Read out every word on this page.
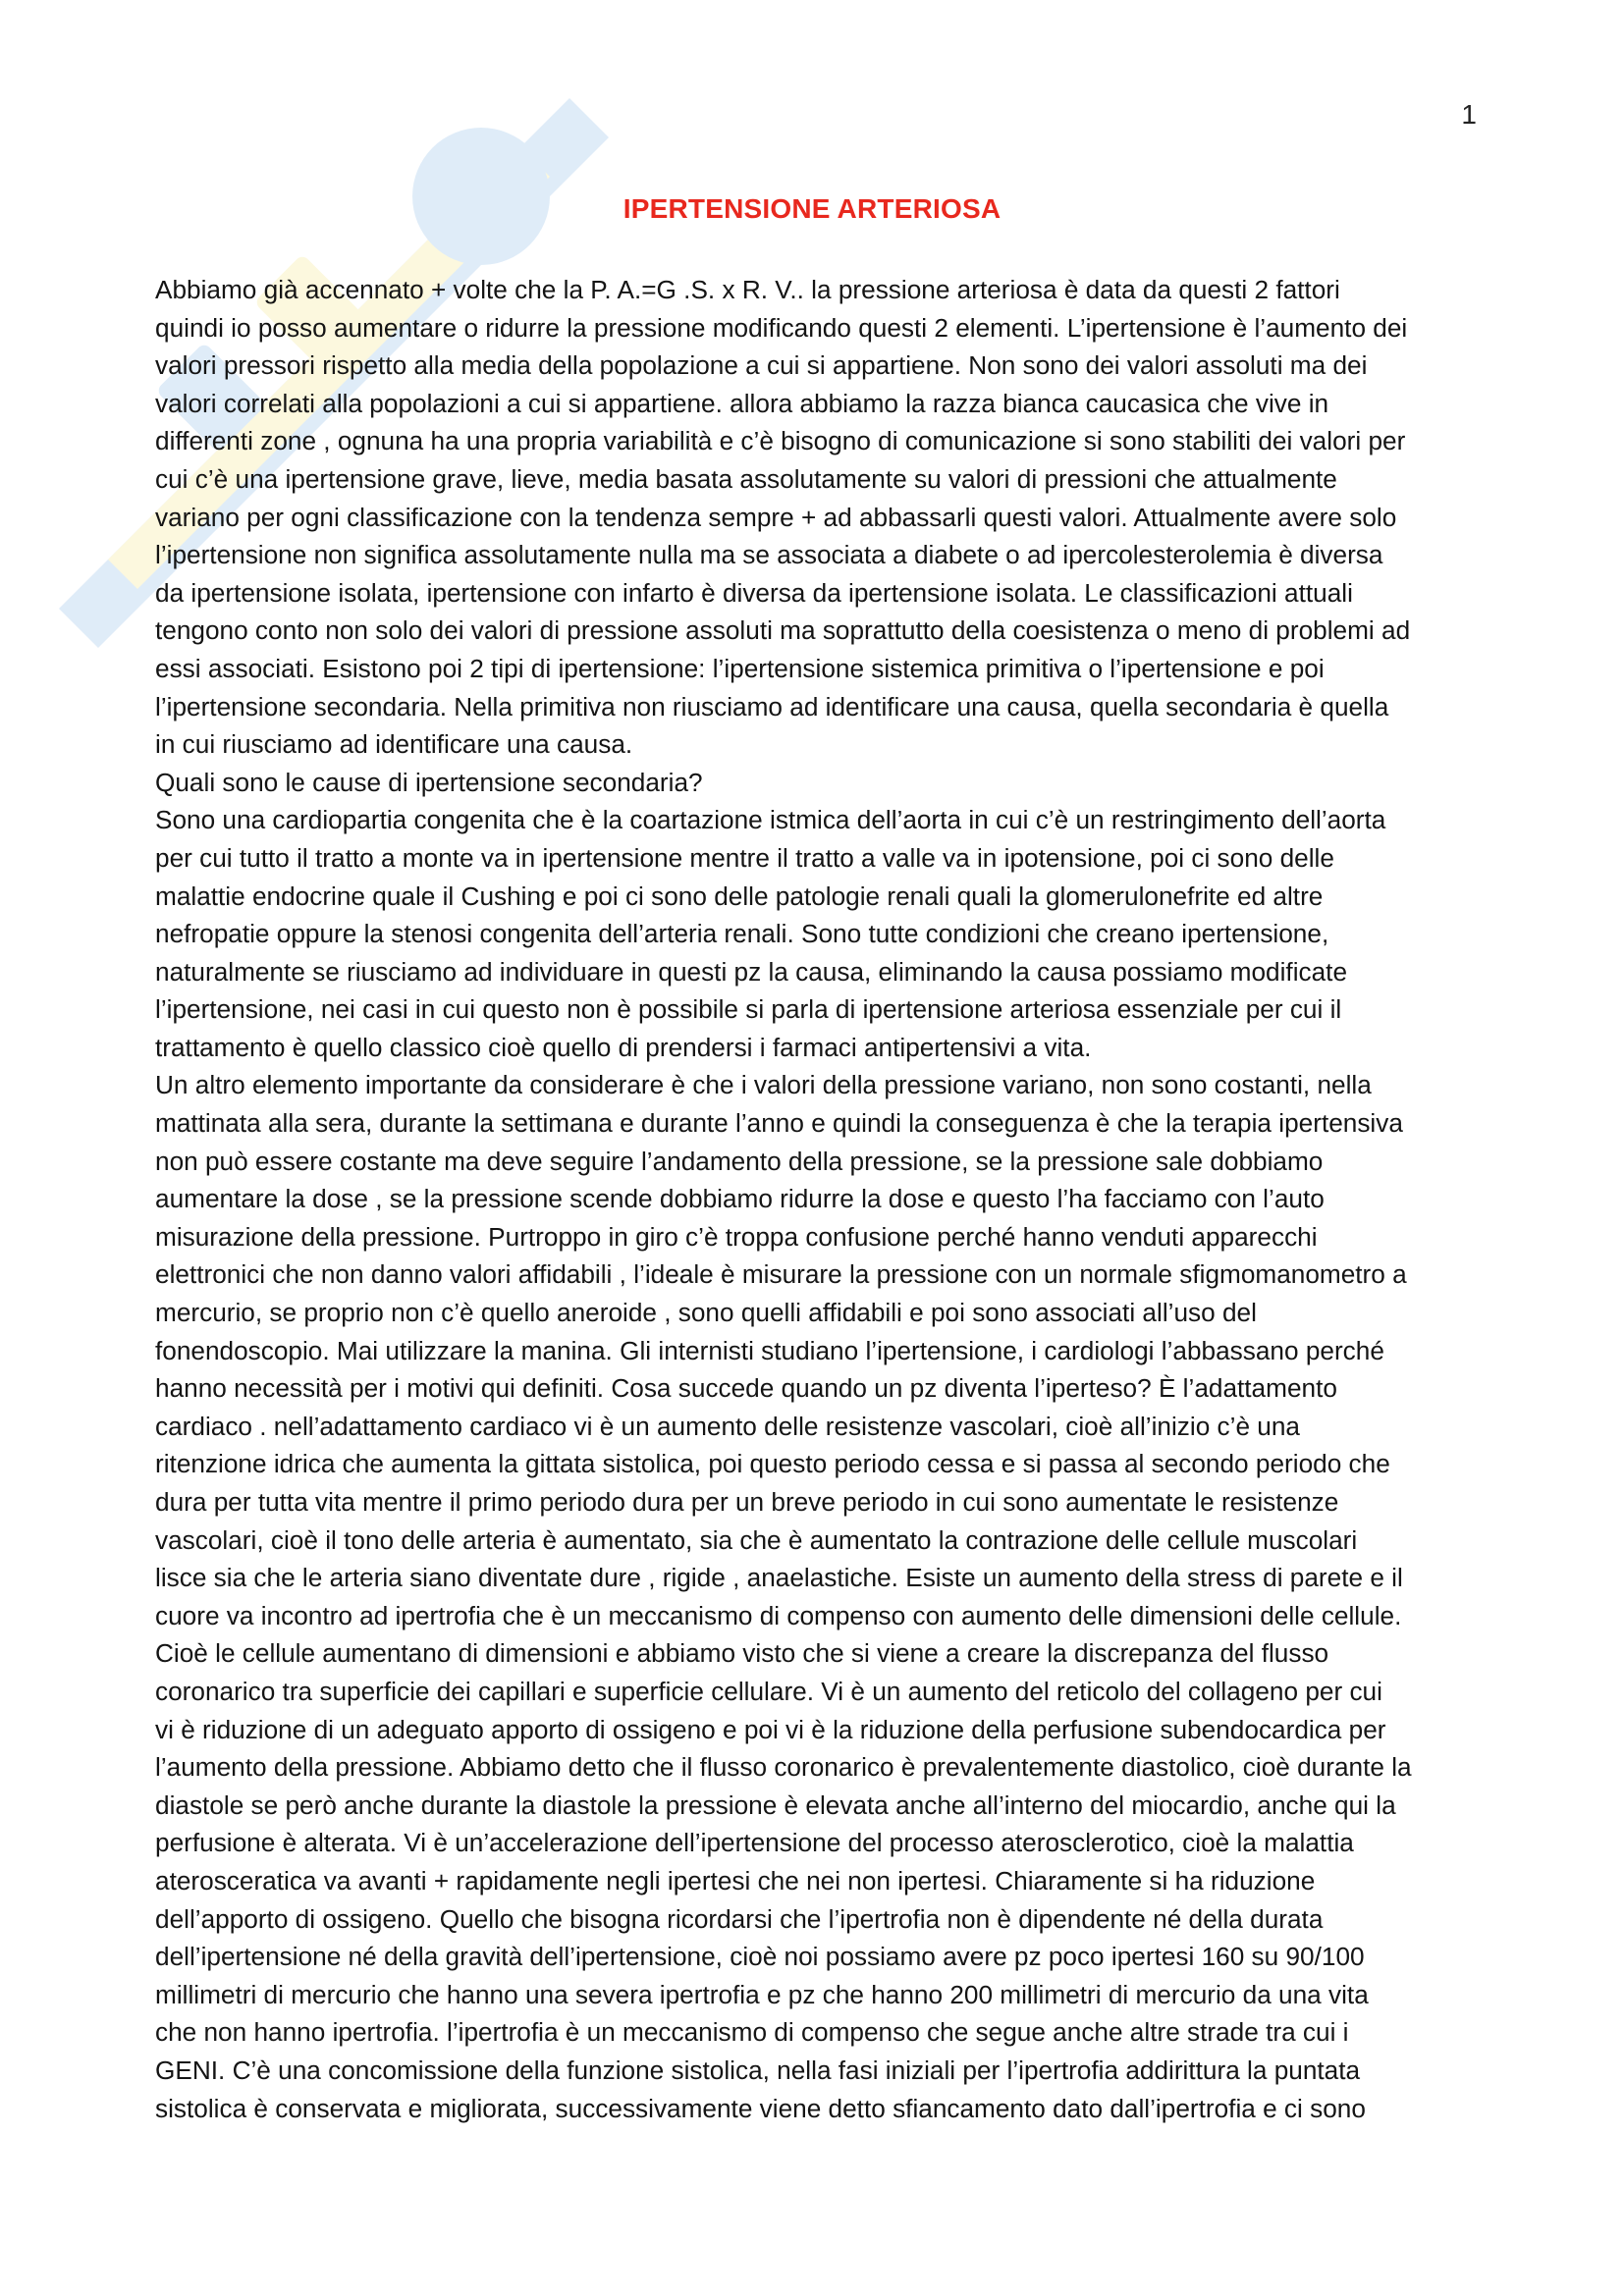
1
IPERTENSIONE ARTERIOSA
Abbiamo già accennato + volte che la P. A.=G .S. x R. V.. la pressione arteriosa è data da questi 2 fattori
quindi io posso aumentare o ridurre la pressione modificando questi 2 elementi. L’ipertensione è l’aumento dei
valori pressori rispetto alla media della popolazione a cui si appartiene. Non sono dei valori assoluti ma dei
valori correlati alla popolazioni a cui si appartiene. allora abbiamo la razza bianca caucasica che vive in
differenti zone , ognuna ha una propria variabilità e c’è bisogno di comunicazione si sono stabiliti dei valori per
cui c’è una ipertensione grave, lieve, media basata assolutamente su valori di pressioni che attualmente
variano per ogni classificazione con la tendenza sempre + ad abbassarli questi valori. Attualmente avere solo
l’ipertensione non significa assolutamente nulla ma se associata a diabete o ad ipercolesterolemia è diversa
da ipertensione isolata, ipertensione con infarto è diversa da ipertensione isolata. Le classificazioni attuali
tengono conto non solo dei valori di pressione assoluti ma soprattutto della coesistenza o meno di problemi ad
essi associati. Esistono poi 2 tipi di ipertensione: l’ipertensione sistemica primitiva o l’ipertensione e poi
l’ipertensione secondaria. Nella primitiva non riusciamo ad identificare una causa, quella secondaria è quella
in cui riusciamo ad identificare una causa.
Quali sono le cause di ipertensione secondaria?
Sono una cardiopartia congenita che è la coartazione istmica dell’aorta in cui c’è un restringimento dell’aorta
per cui tutto il tratto a monte va in ipertensione mentre il tratto a valle va in ipotensione, poi ci sono delle
malattie endocrine quale il Cushing e poi ci sono delle patologie renali quali la glomerulonefrite ed altre
nefropatie oppure la stenosi congenita dell’arteria renali. Sono tutte condizioni che creano ipertensione,
naturalmente se riusciamo ad individuare in questi pz la causa, eliminando la causa possiamo modificate
l’ipertensione, nei casi in cui questo non è possibile si parla di ipertensione arteriosa essenziale per cui il
trattamento è quello classico cioè quello di prendersi i farmaci antipertensivi a vita.
Un altro elemento importante da considerare è che i valori della pressione variano, non sono costanti, nella
mattinata alla sera, durante la settimana e durante l’anno e quindi la conseguenza è che la terapia ipertensiva
non può essere costante ma deve seguire l’andamento della pressione, se la pressione sale dobbiamo
aumentare la dose , se la pressione scende dobbiamo ridurre la dose e questo l’ha facciamo con l’auto
misurazione della pressione. Purtroppo in giro c’è troppa confusione perché hanno venduti apparecchi
elettronici che non danno valori affidabili , l’ideale è misurare la pressione con un normale sfigmomanometro a
mercurio, se proprio non c’è quello aneroide , sono quelli affidabili e poi sono associati all’uso del
fonendoscopio. Mai utilizzare la manina. Gli internisti studiano l’ipertensione, i cardiologi l’abbassano perché
hanno necessità per i motivi qui definiti. Cosa succede quando un pz diventa l’iperteso? È l’adattamento
cardiaco . nell’adattamento cardiaco vi è un aumento delle resistenze vascolari, cioè all’inizio c’è una
ritenzione idrica che aumenta la gittata sistolica, poi questo periodo cessa e si passa al secondo periodo che
dura per tutta vita mentre il primo periodo dura per un breve periodo in cui sono aumentate le resistenze
vascolari, cioè il tono delle arteria è aumentato, sia che è aumentato la contrazione delle cellule muscolari
lisce sia che le arteria siano diventate dure , rigide , anaelastiche. Esiste un aumento della stress di parete e il
cuore va incontro ad ipertrofia che è un meccanismo di compenso con aumento delle dimensioni delle cellule.
Cioè le cellule aumentano di dimensioni e abbiamo visto che si viene a creare la discrepanza del flusso
coronarico tra superficie dei capillari e superficie cellulare. Vi è un aumento del reticolo del collageno per cui
vi è riduzione di un adeguato apporto di ossigeno e poi vi è la riduzione della perfusione subendocardica per
l’aumento della pressione. Abbiamo detto che il flusso coronarico è prevalentemente diastolico, cioè durante la
diastole se però anche durante la diastole la pressione è elevata anche all’interno del miocardio, anche qui la
perfusione è alterata. Vi è un’accelerazione dell’ipertensione del processo aterosclerotico, cioè la malattia
aterosceratica va avanti + rapidamente negli ipertesi che nei non ipertesi. Chiaramente si ha riduzione
dell’apporto di ossigeno. Quello che bisogna ricordarsi che l’ipertrofia non è dipendente né della durata
dell’ipertensione né della gravità dell’ipertensione, cioè noi possiamo avere pz poco ipertesi 160 su 90/100
millimetri di mercurio che hanno una severa ipertrofia e pz che hanno 200 millimetri di mercurio da una vita
che non hanno ipertrofia. l’ipertrofia è un meccanismo di compenso che segue anche altre strade tra cui i
GENI. C’è una concomissione della funzione sistolica, nella fasi iniziali per l’ipertrofia addirittura la puntata
sistolica è conservata e migliorata, successivamente viene detto sfiancamento dato dall’ipertrofia e ci sono
